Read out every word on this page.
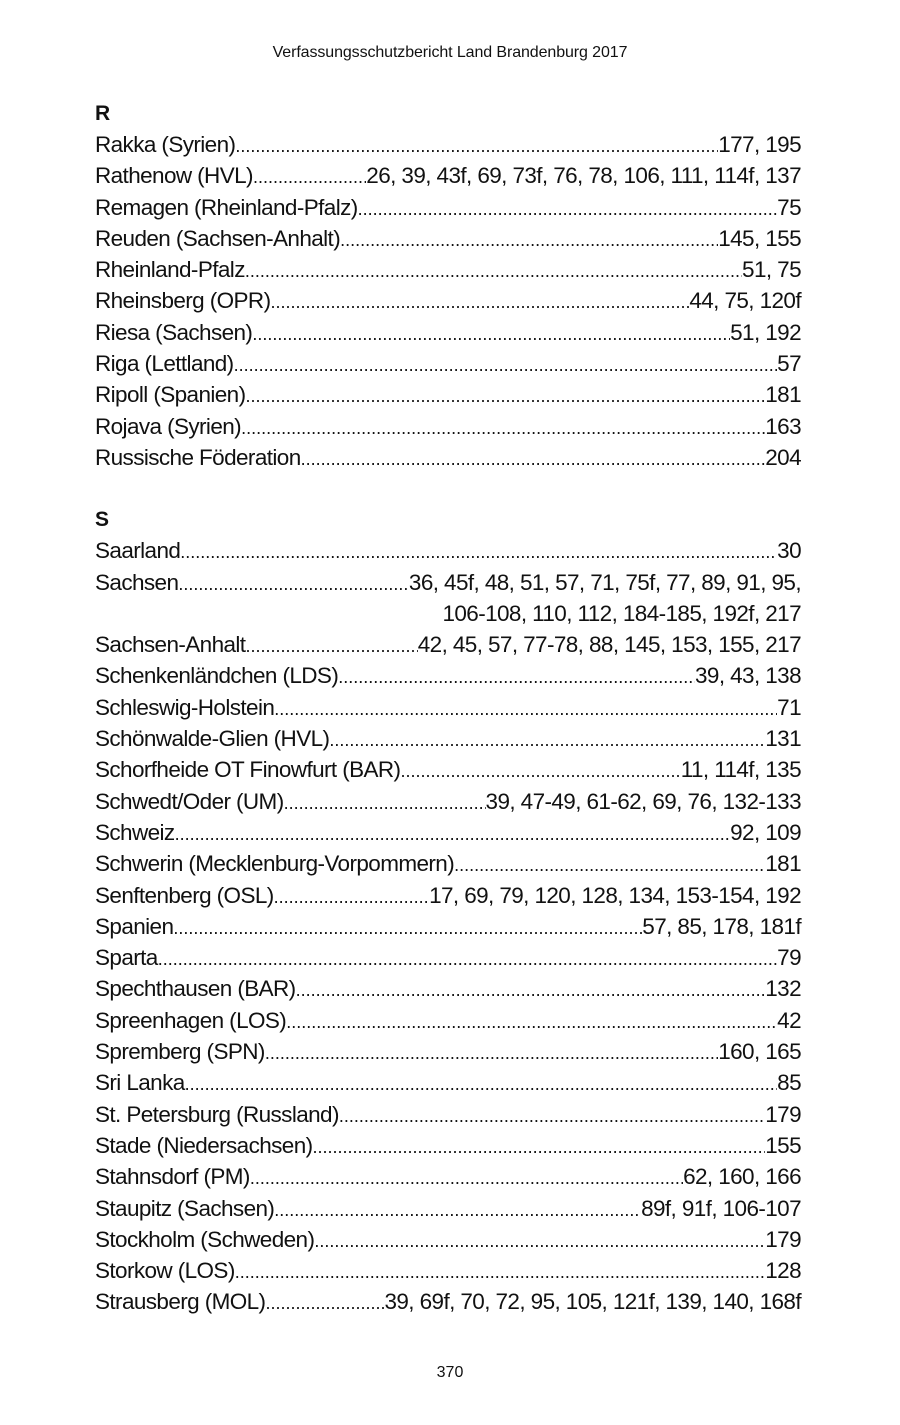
Verfassungsschutzbericht Land Brandenburg 2017
R
Rakka (Syrien) .....	177, 195
Rathenow (HVL) .....	26, 39, 43f, 69, 73f, 76, 78, 106, 111, 114f, 137
Remagen (Rheinland-Pfalz) .....	75
Reuden (Sachsen-Anhalt) .....	145, 155
Rheinland-Pfalz .....	51, 75
Rheinsberg (OPR) .....	44, 75, 120f
Riesa (Sachsen) .....	51, 192
Riga (Lettland) .....	57
Ripoll (Spanien) .....	181
Rojava (Syrien) .....	163
Russische Föderation .....	204
S
Saarland .....	30
Sachsen .....	36, 45f, 48, 51, 57, 71, 75f, 77, 89, 91, 95,
106-108, 110, 112, 184-185, 192f, 217
Sachsen-Anhalt .....	42, 45, 57, 77-78, 88, 145, 153, 155, 217
Schenkenländchen (LDS) .....	39, 43, 138
Schleswig-Holstein .....	71
Schönwalde-Glien (HVL) .....	131
Schorfheide OT Finowfurt (BAR) .....	11, 114f, 135
Schwedt/Oder (UM) .....	39, 47-49, 61-62, 69, 76, 132-133
Schweiz .....	92, 109
Schwerin (Mecklenburg-Vorpommern) .....	181
Senftenberg (OSL) .....	17, 69, 79, 120, 128, 134, 153-154, 192
Spanien .....	57, 85, 178, 181f
Sparta .....	79
Spechthausen (BAR) .....	132
Spreenhagen (LOS) .....	42
Spremberg (SPN) .....	160, 165
Sri Lanka .....	85
St. Petersburg (Russland) .....	179
Stade (Niedersachsen) .....	155
Stahnsdorf (PM) .....	62, 160, 166
Staupitz (Sachsen) .....	89f, 91f, 106-107
Stockholm (Schweden) .....	179
Storkow (LOS) .....	128
Strausberg (MOL) .....	39, 69f, 70, 72, 95, 105, 121f, 139, 140, 168f
370
